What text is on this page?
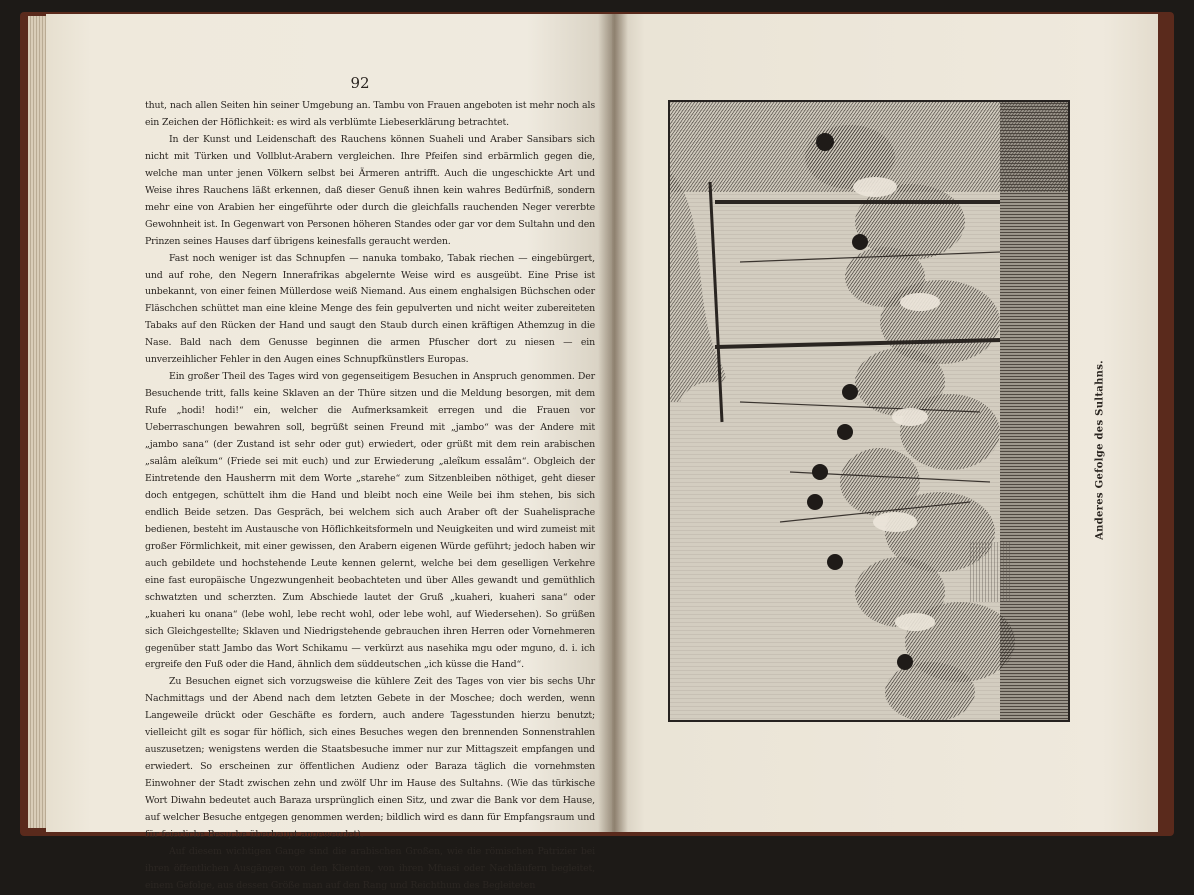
92

thut, nach allen Seiten hin seiner Umgebung an. Tambu von Frauen angeboten ist mehr noch als ein Zeichen der Höflichkeit: es wird als verblümte Liebeserklärung betrachtet.

In der Kunst und Leidenschaft des Rauchens können Suaheli und Araber Sansibars sich nicht mit Türken und Vollblut-Arabern vergleichen. Ihre Pfeifen sind erbärmlich gegen die, welche man unter jenen Völkern selbst bei Ärmeren antrifft. Auch die ungeschickte Art und Weise ihres Rauchens läßt erkennen, daß dieser Genuß ihnen kein wahres Bedürfniß, sondern mehr eine von Arabien her eingeführte oder durch die gleichfalls rauchenden Neger vererbte Gewohnheit ist. In Gegenwart von Personen höheren Standes oder gar vor dem Sultahn und den Prinzen seines Hauses darf übrigens keinesfalls geraucht werden.

Fast noch weniger ist das Schnupfen — nanuka tombako, Tabak riechen — eingebürgert, und auf rohe, den Negern Innerafrikas abgelernte Weise wird es ausgeübt. Eine Prise ist unbekannt, von einer feinen Müllerdose weiß Niemand. Aus einem enghalsigen Büchschen oder Fläschchen schüttet man eine kleine Menge des fein gepulverten und nicht weiter zubereiteten Tabaks auf den Rücken der Hand und saugt den Staub durch einen kräftigen Athemzug in die Nase. Bald nach dem Genusse beginnen die armen Pfuscher dort zu niesen — ein unverzeihlicher Fehler in den Augen eines Schnupfkünstlers Europas.

Ein großer Theil des Tages wird von gegenseitigem Besuchen in Anspruch genommen. Der Besuchende tritt, falls keine Sklaven an der Thüre sitzen und die Meldung besorgen, mit dem Rufe „hodi! hodi!“ ein, welcher die Aufmerksamkeit erregen und die Frauen vor Ueberraschungen bewahren soll, begrüßt seinen Freund mit „jambo“ was der Andere mit „jambo sana“ (der Zustand ist sehr oder gut) erwiedert, oder grüßt mit dem rein arabischen „salâm aleîkum“ (Friede sei mit euch) und zur Erwiederung „aleîkum essalâm“. Obgleich der Eintretende den Hausherrn mit dem Worte „starehe“ zum Sitzenbleiben nöthiget, geht dieser doch entgegen, schüttelt ihm die Hand und bleibt noch eine Weile bei ihm stehen, bis sich endlich Beide setzen. Das Gespräch, bei welchem sich auch Araber oft der Suahelisprache bedienen, besteht im Austausche von Höflichkeitsformeln und Neuigkeiten und wird zumeist mit großer Förmlichkeit, mit einer gewissen, den Arabern eigenen Würde geführt; jedoch haben wir auch gebildete und hochstehende Leute kennen gelernt, welche bei dem geselligen Verkehre eine fast europäische Ungezwungenheit beobachteten und über Alles gewandt und gemüthlich schwatzten und scherzten. Zum Abschiede lautet der Gruß „kuaheri, kuaheri sana“ oder „kuaheri ku onana“ (lebe wohl, lebe recht wohl, oder lebe wohl, auf Wiedersehen). So grüßen sich Gleichgestellte; Sklaven und Niedrigstehende gebrauchen ihren Herren oder Vornehmeren gegenüber statt Jambo das Wort Schikamu — verkürzt aus nasehika mgu oder mguno, d. i. ich ergreife den Fuß oder die Hand, ähnlich dem süddeutschen „ich küsse die Hand“.

Zu Besuchen eignet sich vorzugsweise die kühlere Zeit des Tages von vier bis sechs Uhr Nachmittags und der Abend nach dem letzten Gebete in der Moschee; doch werden, wenn Langeweile drückt oder Geschäfte es fordern, auch andere Tagesstunden hierzu benutzt; vielleicht gilt es sogar für höflich, sich eines Besuches wegen den brennenden Sonnenstrahlen auszusetzen; wenigstens werden die Staatsbesuche immer nur zur Mittagszeit empfangen und erwiedert. So erscheinen zur öffentlichen Audienz oder Baraza täglich die vornehmsten Einwohner der Stadt zwischen zehn und zwölf Uhr im Hause des Sultahns. (Wie das türkische Wort Diwahn bedeutet auch Baraza ursprünglich einen Sitz, und zwar die Bank vor dem Hause, auf welcher Besuche entgegen genommen werden; bildlich wird es dann für Empfangsraum und für feierliche Besuche überhaupt angewendet).

Auf diesem wichtigen Gange sind die arabischen Großen, wie die römischen Patrizier bei ihren öffentlichen Ausgängen von den Klienten, von ihren Mfuasi oder Nachläufern begleitet, einem Gefolge, aus dessen Größe man auf den Rang und Reichthum des Begleiteten

Anderes Gefolge des Sultahns.
